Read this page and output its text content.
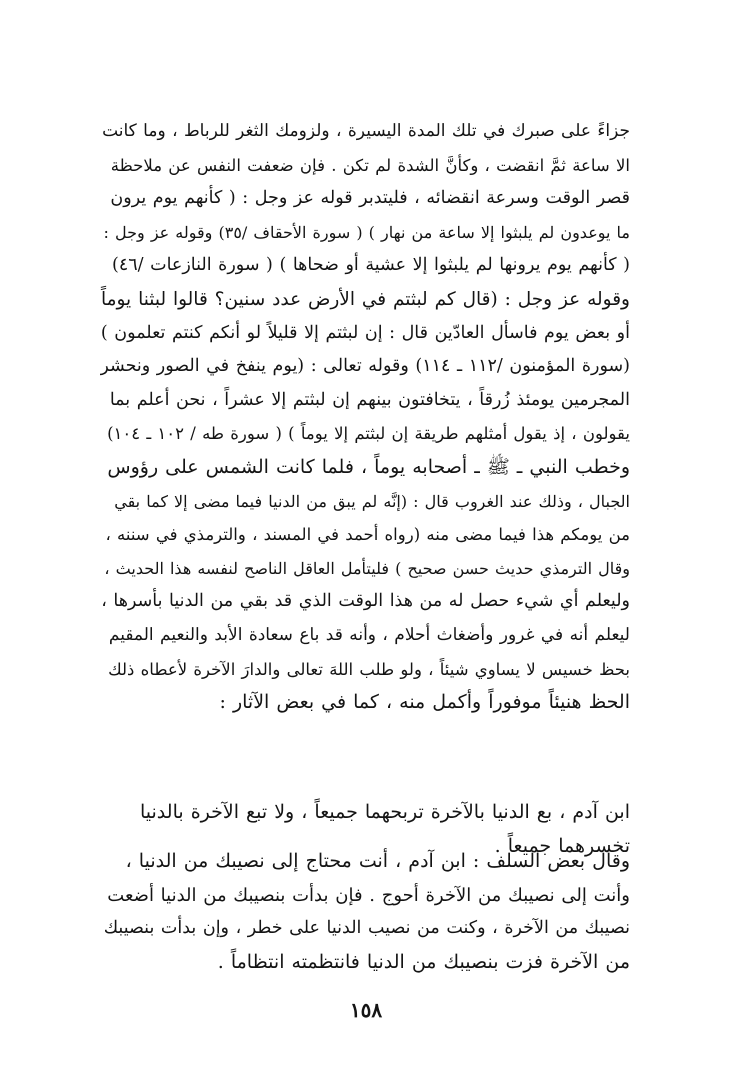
جزاءً على صبرك في تلك المدة اليسيرة ، ولزومك الثغر للرباط ، وما كانت
الا ساعة ثمَّ انقضت ، وكأنَّ الشدة لم تكن . فإن ضعفت النفس عن ملاحظة
قصر الوقت وسرعة انقضائه ، فليتدبر قوله عز وجل : ( كأنهم يوم يرون
ما يوعدون لم يلبثوا إلا ساعة من نهار ) ( سورة الأحقاف /٣٥) وقوله عز وجل :
( كأنهم يوم يرونها لم يلبثوا إلا عشية أو ضحاها ) ( سورة النازعات /٤٦)
وقوله عز وجل : (قال كم لبثتم في الأرض عدد سنين؟ قالوا لبثنا يوماً
أو بعض يوم فاسأل العادّين قال : إن لبثتم إلا قليلاً لو أنكم كنتم تعلمون )
(سورة المؤمنون /١١٢ ـ ١١٤) وقوله تعالى : (يوم ينفخ في الصور ونحشر
المجرمين يومئذ زُرقاً ، يتخافتون بينهم إن لبثتم إلا عشراً ، نحن أعلم بما
يقولون ، إذ يقول أمثلهم طريقة إن لبثتم إلا يوماً ) ( سورة طه / ١٠٢ ـ ١٠٤)
وخطب النبي ـ ﷺ ـ أصحابه يوماً ، فلما كانت الشمس على رؤوس
الجبال ، وذلك عند الغروب قال : (إنَّه لم يبق من الدنيا فيما مضى إلا كما بقي
من يومكم هذا فيما مضى منه (رواه أحمد في المسند ، والترمذي في سننه ،
وقال الترمذي حديث حسن صحيح ) فليتأمل العاقل الناصح لنفسه هذا الحديث ،
وليعلم أي شيء حصل له من هذا الوقت الذي قد بقي من الدنيا بأسرها ،
ليعلم أنه في غرور وأضغاث أحلام ، وأنه قد باع سعادة الأبد والنعيم المقيم
بحظ خسيس لا يساوي شيئاً ، ولو طلب اللهَ تعالى والدارَ الآخرة لأعطاه ذلك
الحظ هنيئاً موفوراً وأكمل منه ، كما في بعض الآثار :
ابن آدم ، بع الدنيا بالآخرة تربحهما جميعاً ، ولا تبع الآخرة بالدنيا
تخسرهما جميعاً .
وقال بعض السلف : ابن آدم ، أنت محتاج إلى نصيبك من الدنيا ،
وأنت إلى نصيبك من الآخرة أحوج . فإن بدأت بنصيبك من الدنيا أضعت
نصيبك من الآخرة ، وكنت من نصيب الدنيا على خطر ، وإن بدأت بنصيبك
من الآخرة فزت بنصيبك من الدنيا فانتظمته انتظاماً .
١٥٨
